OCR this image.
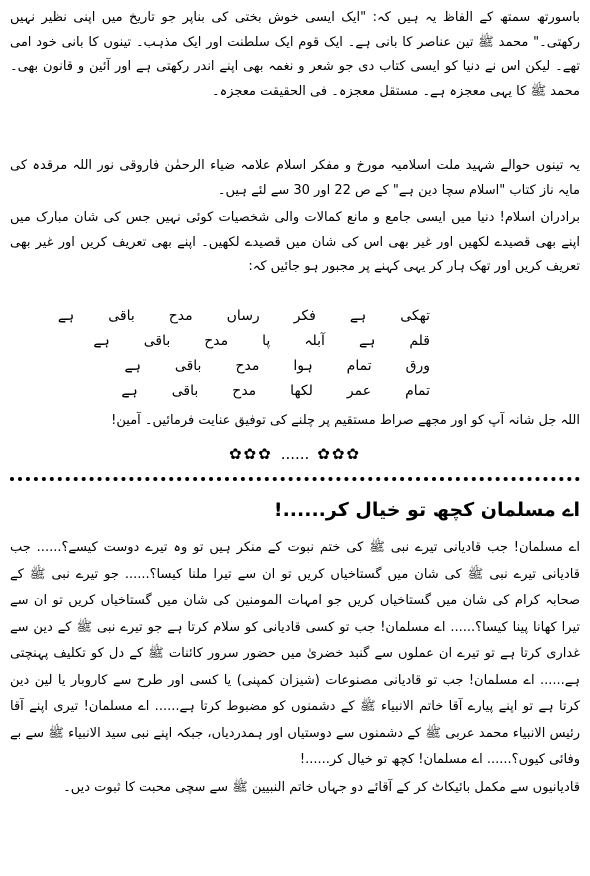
باسورتھ سمتھ کے الفاظ یہ ہیں کہ: "ایک ایسی خوش بختی کی بناپر جو تاریخ میں اپنی نظیر نہیں رکھتی۔" محمد ﷺ تین عناصر کا بانی ہے۔ ایک قوم ایک سلطنت اور ایک مذہب۔ تینوں کا بانی خود امی تھے۔ لیکن اس نے دنیا کو ایسی کتاب دی جو شعر و نغمہ بھی اپنے اندر رکھتی ہے اور آئین و قانون بھی۔ محمد ﷺ کا یہی معجزہ ہے۔ مستقل معجزہ۔ فی الحقیقت معجزہ۔

یہ تینوں حوالے شہید ملت اسلامیہ مورخ و مفکر اسلام علامہ ضیاء الرحمٰن فاروقی نور اللہ مرقدہ کی مایہ ناز کتاب "اسلام سچا دین ہے" کے ص 22 اور 30 سے لئے ہیں۔

برادران اسلام! دنیا میں ایسی جامع و مانع کمالات والی شخصیات کوئی نہیں جس کی شان مبارک میں اپنے بھی قصیدے لکھیں اور غیر بھی اس کی شان میں قصیدے لکھیں۔ اپنے بھی تعریف کریں اور غیر بھی تعریف کریں اور تھک ہار کر یہی کہنے پر مجبور ہو جائیں کہ:

تھکی
ہے
فکر
رساں
مدح
باقی
ہے
قلم
ہے
آبلہ
پا
مدح
باقی
ہے
ورق
تمام
ہوا
مدح
باقی
ہے
تمام
عمر
لکھا
مدح
باقی
ہے

اللہ جل شانہ آپ کو اور مجھے صراط مستقیم پر چلنے کی توفیق عنایت فرمائیں۔ آمین!

✿✿✿ ...... ✿✿✿
اے مسلمان کچھ تو خیال کر......!

اے مسلمان! جب قادیانی تیرے نبی ﷺ کی ختم نبوت کے منکر ہیں تو وہ تیرے دوست کیسے؟...... جب قادیانی تیرے نبی ﷺ کی شان میں گستاخیاں کریں تو ان سے تیرا ملنا کیسا؟...... جو تیرے نبی ﷺ کے صحابہ کرام کی شان میں گستاخیاں کریں جو امہات المومنین کی شان میں گستاخیاں کریں تو ان سے تیرا کھانا پینا کیسا؟...... اے مسلمان! جب تو کسی قادیانی کو سلام کرتا ہے جو تیرے نبی ﷺ کے دین سے غداری کرتا ہے تو تیرے ان عملوں سے گنبد خضریٰ میں حضور سرور کائنات ﷺ کے دل کو تکلیف پہنچتی ہے...... اے مسلمان! جب تو قادیانی مصنوعات (شیزان کمپنی) یا کسی اور طرح سے کاروبار یا لین دین کرتا ہے تو اپنے پیارے آقا خاتم الانبیاء ﷺ کے دشمنوں کو مضبوط کرتا ہے...... اے مسلمان! تیری اپنے آقا رئیس الانبیاء محمد عربی ﷺ کے دشمنوں سے دوستیاں اور ہمدردیاں، جبکہ اپنے نبی سید الانبیاء ﷺ سے بے وفائی کیوں؟...... اے مسلمان! کچھ تو خیال کر......!

قادیانیوں سے مکمل بائیکاٹ کر کے آقائے دو جہاں خاتم النبیین ﷺ سے سچی محبت کا ثبوت دیں۔
